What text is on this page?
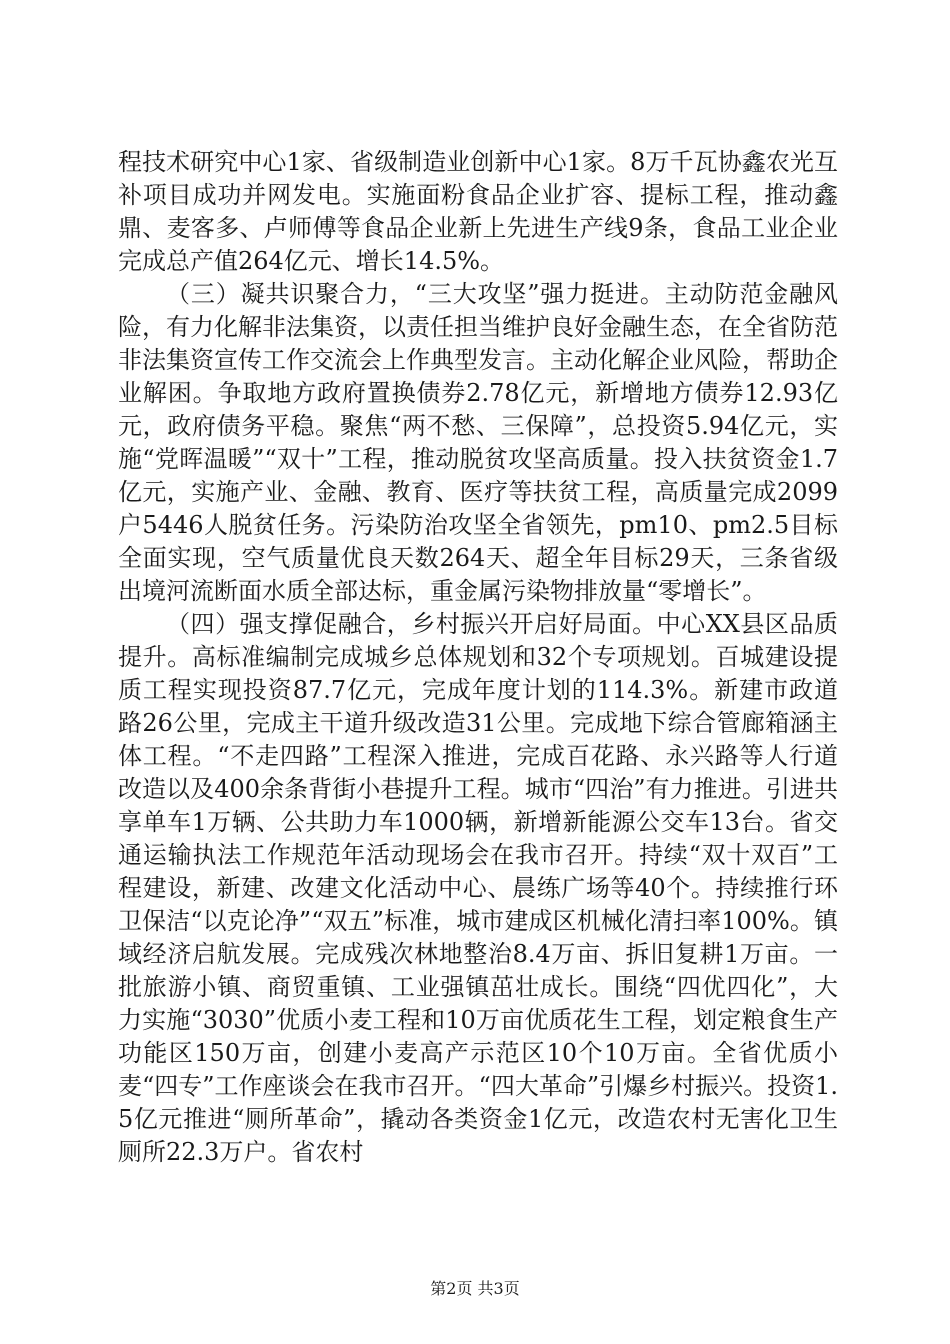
程技术研究中心1家、省级制造业创新中心1家。8万千瓦协鑫农光互补项目成功并网发电。实施面粉食品企业扩容、提标工程，推动鑫鼎、麦客多、卢师傅等食品企业新上先进生产线9条，食品工业企业完成总产值264亿元、增长14.5%。

（三）凝共识聚合力，“三大攻坚”强力挺进。主动防范金融风险，有力化解非法集资，以责任担当维护良好金融生态，在全省防范非法集资宣传工作交流会上作典型发言。主动化解企业风险，帮助企业解困。争取地方政府置换债券2.78亿元，新增地方债券12.93亿元，政府债务平稳。聚焦“两不愁、三保障”，总投资5.94亿元，实施“党晖温暖”“双十”工程，推动脱贫攻坚高质量。投入扶贫资金1.7亿元，实施产业、金融、教育、医疗等扶贫工程，高质量完成2099户5446人脱贫任务。污染防治攻坚全省领先，pm10、pm2.5目标全面实现，空气质量优良天数264天、超全年目标29天，三条省级出境河流断面水质全部达标，重金属污染物排放量“零增长”。

（四）强支撑促融合，乡村振兴开启好局面。中心XX县区品质提升。高标准编制完成城乡总体规划和32个专项规划。百城建设提质工程实现投资87.7亿元，完成年度计划的114.3%。新建市政道路26公里，完成主干道升级改造31公里。完成地下综合管廊箱涵主体工程。“不走四路”工程深入推进，完成百花路、永兴路等人行道改造以及400余条背街小巷提升工程。城市“四治”有力推进。引进共享单车1万辆、公共助力车1000辆，新增新能源公交车13台。省交通运输执法工作规范年活动现场会在我市召开。持续“双十双百”工程建设，新建、改建文化活动中心、晨练广场等40个。持续推行环卫保洁“以克论净”“双五”标准，城市建成区机械化清扫率100%。镇域经济启航发展。完成残次林地整治8.4万亩、拆旧复耕1万亩。一批旅游小镇、商贸重镇、工业强镇茁壮成长。围绕“四优四化”，大力实施“3030”优质小麦工程和10万亩优质花生工程，划定粮食生产功能区150万亩，创建小麦高产示范区10个10万亩。全省优质小麦“四专”工作座谈会在我市召开。“四大革命”引爆乡村振兴。投资1.5亿元推进“厕所革命”，撬动各类资金1亿元，改造农村无害化卫生厕所22.3万户。省农村

第2页 共3页
